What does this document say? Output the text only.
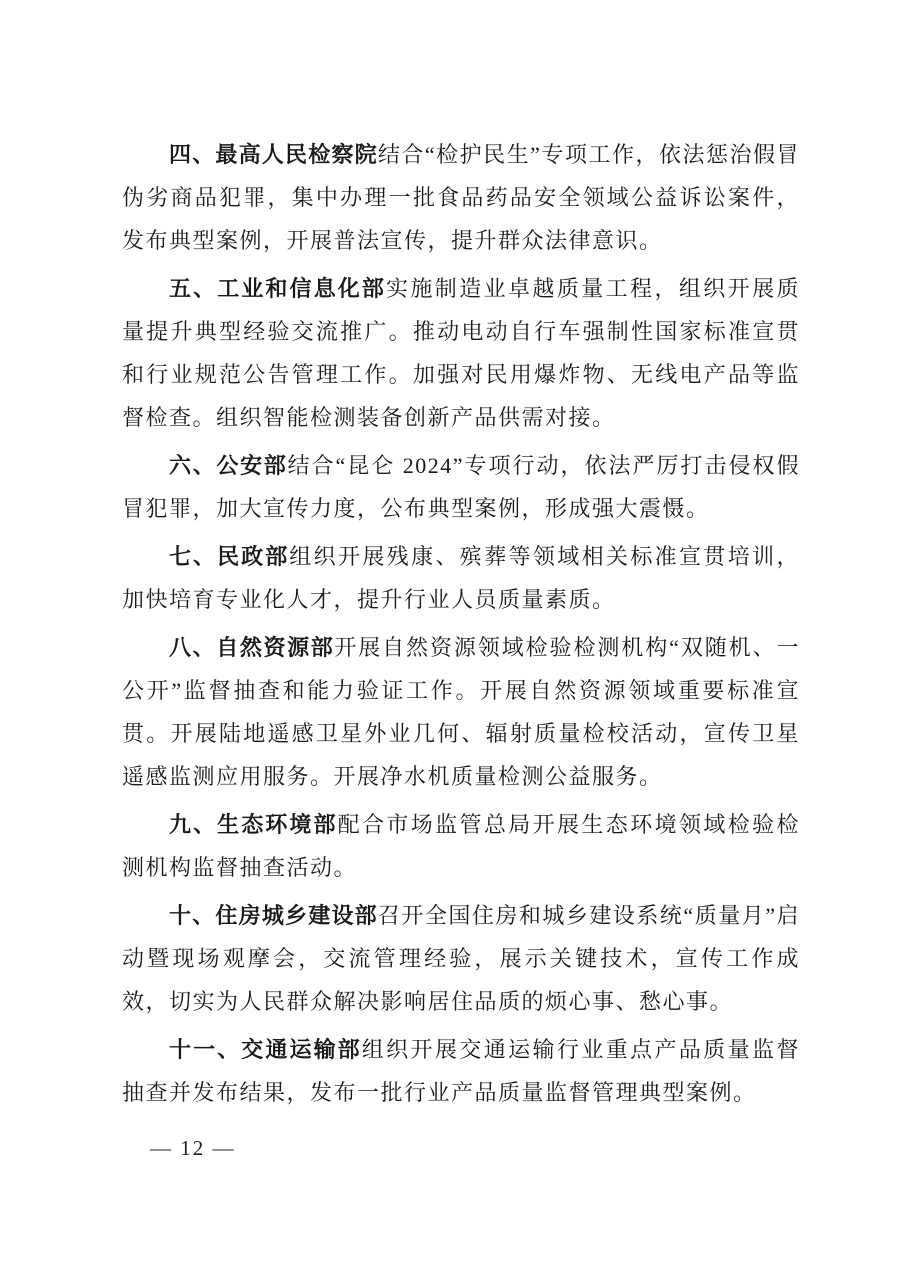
四、最高人民检察院结合“检护民生”专项工作，依法惩治假冒伪劣商品犯罪，集中办理一批食品药品安全领域公益诉讼案件，发布典型案例，开展普法宣传，提升群众法律意识。

五、工业和信息化部实施制造业卓越质量工程，组织开展质量提升典型经验交流推广。推动电动自行车强制性国家标准宣贯和行业规范公告管理工作。加强对民用爆炸物、无线电产品等监督检查。组织智能检测装备创新产品供需对接。

六、公安部结合“昆仑 2024”专项行动，依法严厉打击侵权假冒犯罪，加大宣传力度，公布典型案例，形成强大震慑。

七、民政部组织开展残康、殡葬等领域相关标准宣贯培训，加快培育专业化人才，提升行业人员质量素质。

八、自然资源部开展自然资源领域检验检测机构“双随机、一公开”监督抽查和能力验证工作。开展自然资源领域重要标准宣贯。开展陆地遥感卫星外业几何、辐射质量检校活动，宣传卫星遥感监测应用服务。开展净水机质量检测公益服务。

九、生态环境部配合市场监管总局开展生态环境领域检验检测机构监督抽查活动。

十、住房城乡建设部召开全国住房和城乡建设系统“质量月”启动暨现场观摩会，交流管理经验，展示关键技术，宣传工作成效，切实为人民群众解决影响居住品质的烦心事、愁心事。

十一、交通运输部组织开展交通运输行业重点产品质量监督抽查并发布结果，发布一批行业产品质量监督管理典型案例。

— 12 —
